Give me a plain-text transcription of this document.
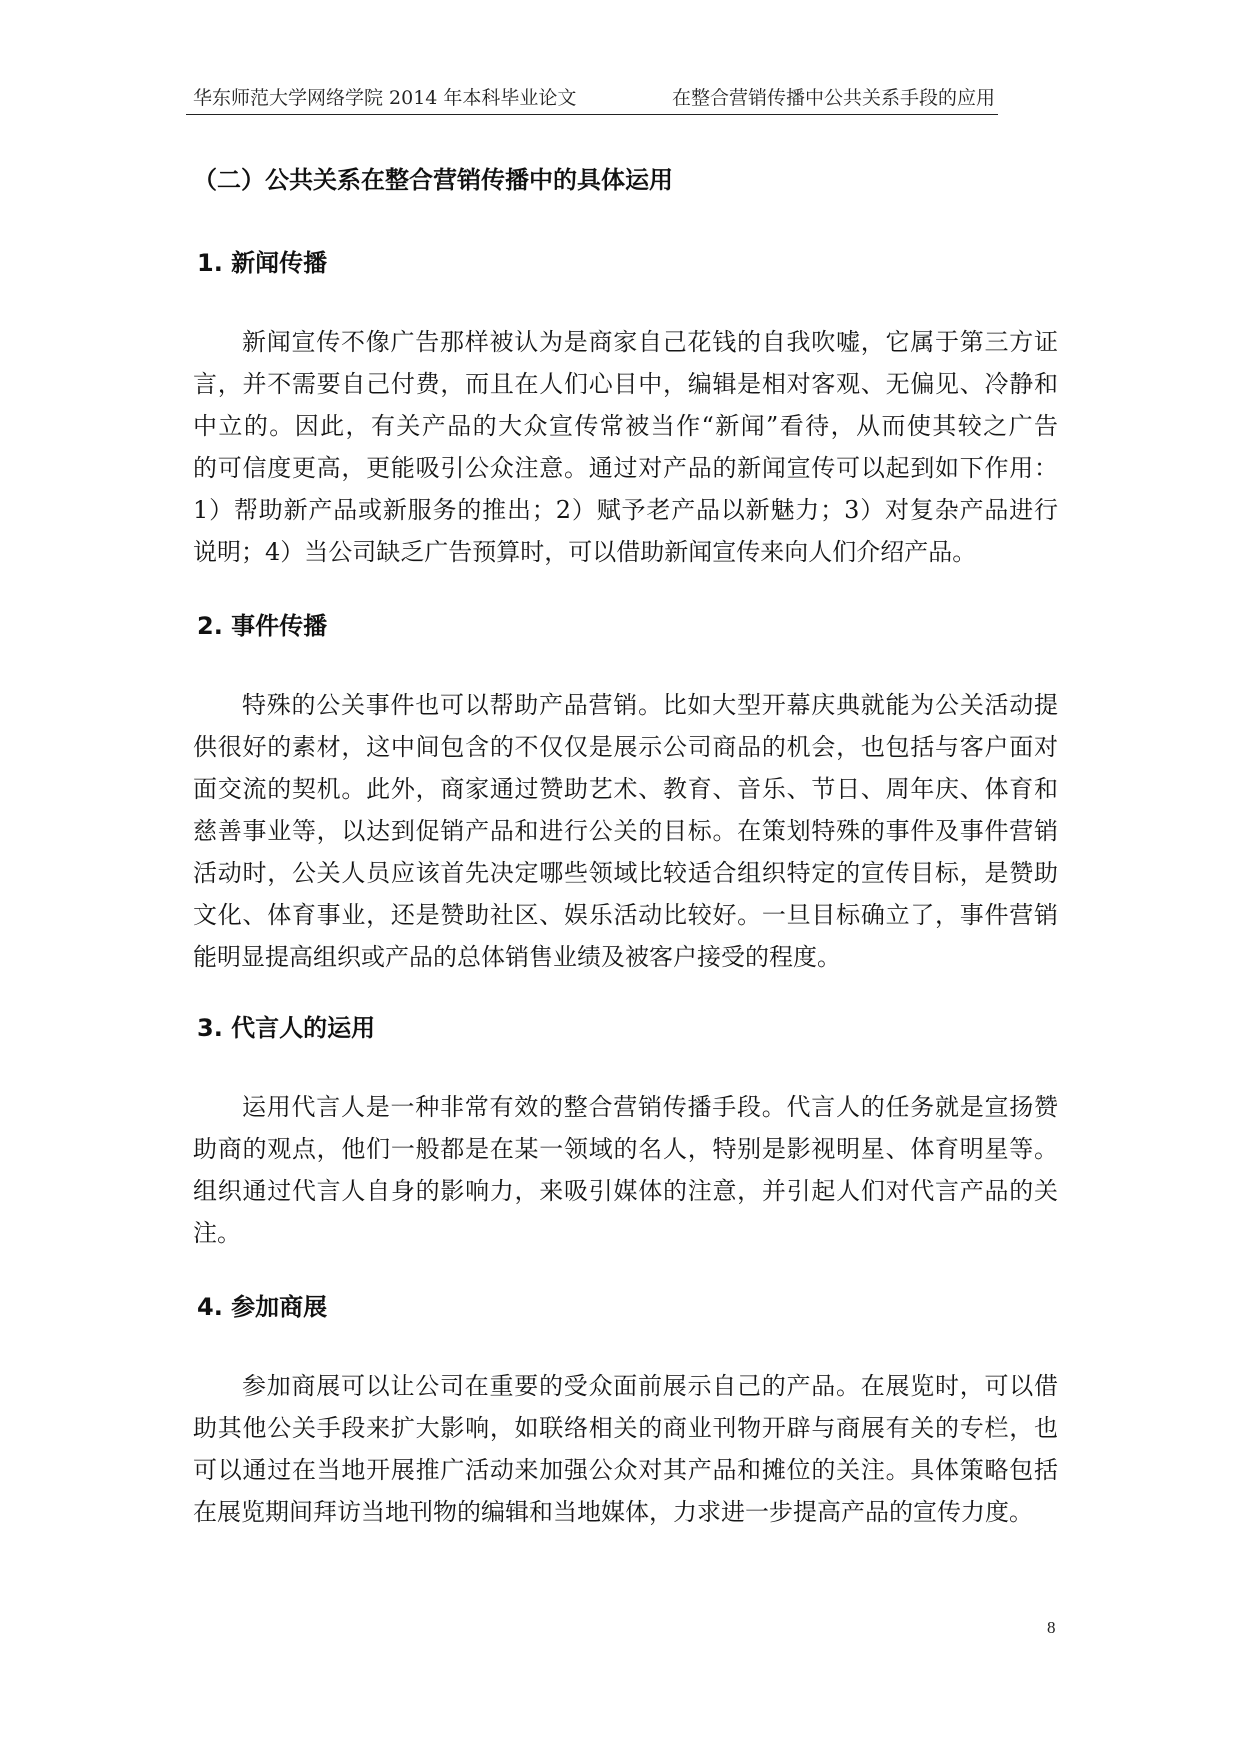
华东师范大学网络学院 2014 年本科毕业论文	在整合营销传播中公共关系手段的应用
（二）公共关系在整合营销传播中的具体运用
1. 新闻传播
新闻宣传不像广告那样被认为是商家自己花钱的自我吹嘘，它属于第三方证
言，并不需要自己付费，而且在人们心目中，编辑是相对客观、无偏见、冷静和
中立的。因此，有关产品的大众宣传常被当作“新闻”看待，从而使其较之广告
的可信度更高，更能吸引公众注意。通过对产品的新闻宣传可以起到如下作用：
1）帮助新产品或新服务的推出；2）赋予老产品以新魅力；3）对复杂产品进行
说明；4）当公司缺乏广告预算时，可以借助新闻宣传来向人们介绍产品。
2. 事件传播
特殊的公关事件也可以帮助产品营销。比如大型开幕庆典就能为公关活动提
供很好的素材，这中间包含的不仅仅是展示公司商品的机会，也包括与客户面对
面交流的契机。此外，商家通过赞助艺术、教育、音乐、节日、周年庆、体育和
慈善事业等，以达到促销产品和进行公关的目标。在策划特殊的事件及事件营销
活动时，公关人员应该首先决定哪些领域比较适合组织特定的宣传目标，是赞助
文化、体育事业，还是赞助社区、娱乐活动比较好。一旦目标确立了，事件营销
能明显提高组织或产品的总体销售业绩及被客户接受的程度。
3. 代言人的运用
运用代言人是一种非常有效的整合营销传播手段。代言人的任务就是宣扬赞
助商的观点，他们一般都是在某一领域的名人，特别是影视明星、体育明星等。
组织通过代言人自身的影响力，来吸引媒体的注意，并引起人们对代言产品的关
注。
4. 参加商展
参加商展可以让公司在重要的受众面前展示自己的产品。在展览时，可以借
助其他公关手段来扩大影响，如联络相关的商业刊物开辟与商展有关的专栏，也
可以通过在当地开展推广活动来加强公众对其产品和摊位的关注。具体策略包括
在展览期间拜访当地刊物的编辑和当地媒体，力求进一步提高产品的宣传力度。
8
